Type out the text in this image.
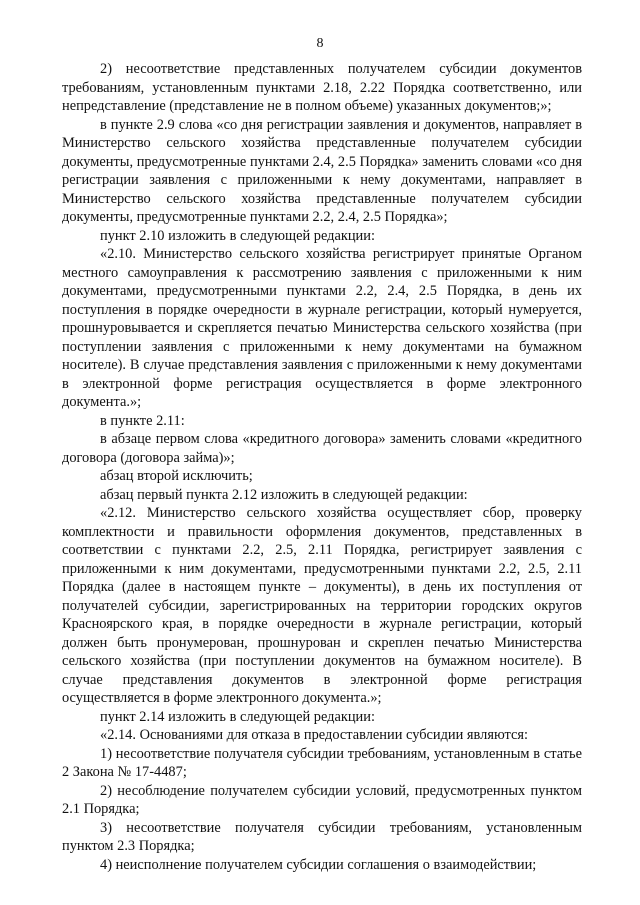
8

2) несоответствие представленных получателем субсидии документов требованиям, установленным пунктами 2.18, 2.22 Порядка соответственно, или непредставление (представление не в полном объеме) указанных документов;»;

в пункте 2.9 слова «со дня регистрации заявления и документов, направляет в Министерство сельского хозяйства представленные получателем субсидии документы, предусмотренные пунктами 2.4, 2.5 Порядка» заменить словами «со дня регистрации заявления с приложенными к нему документами, направляет в Министерство сельского хозяйства представленные получателем субсидии документы, предусмотренные пунктами 2.2, 2.4, 2.5 Порядка»;

пункт 2.10 изложить в следующей редакции:

«2.10. Министерство сельского хозяйства регистрирует принятые Органом местного самоуправления к рассмотрению заявления с приложенными к ним документами, предусмотренными пунктами 2.2, 2.4, 2.5 Порядка, в день их поступления в порядке очередности в журнале регистрации, который нумеруется, прошнуровывается и скрепляется печатью Министерства сельского хозяйства (при поступлении заявления с приложенными к нему документами на бумажном носителе). В случае представления заявления с приложенными к нему документами в электронной форме регистрация осуществляется в форме электронного документа.»;

в пункте 2.11:

в абзаце первом слова «кредитного договора» заменить словами «кредитного договора (договора займа)»;

абзац второй исключить;

абзац первый пункта 2.12 изложить в следующей редакции:

«2.12. Министерство сельского хозяйства осуществляет сбор, проверку комплектности и правильности оформления документов, представленных в соответствии с пунктами 2.2, 2.5, 2.11 Порядка, регистрирует заявления с приложенными к ним документами, предусмотренными пунктами 2.2, 2.5, 2.11 Порядка (далее в настоящем пункте – документы), в день их поступления от получателей субсидии, зарегистрированных на территории городских округов Красноярского края, в порядке очередности в журнале регистрации, который должен быть пронумерован, прошнурован и скреплен печатью Министерства сельского хозяйства (при поступлении документов на бумажном носителе). В случае представления документов в электронной форме регистрация осуществляется в форме электронного документа.»;

пункт 2.14 изложить в следующей редакции:

«2.14. Основаниями для отказа в предоставлении субсидии являются:

1) несоответствие получателя субсидии требованиям, установленным в статье 2 Закона № 17-4487;

2) несоблюдение получателем субсидии условий, предусмотренных пунктом 2.1 Порядка;

3) несоответствие получателя субсидии требованиям, установленным пунктом 2.3 Порядка;

4) неисполнение получателем субсидии соглашения о взаимодействии;
